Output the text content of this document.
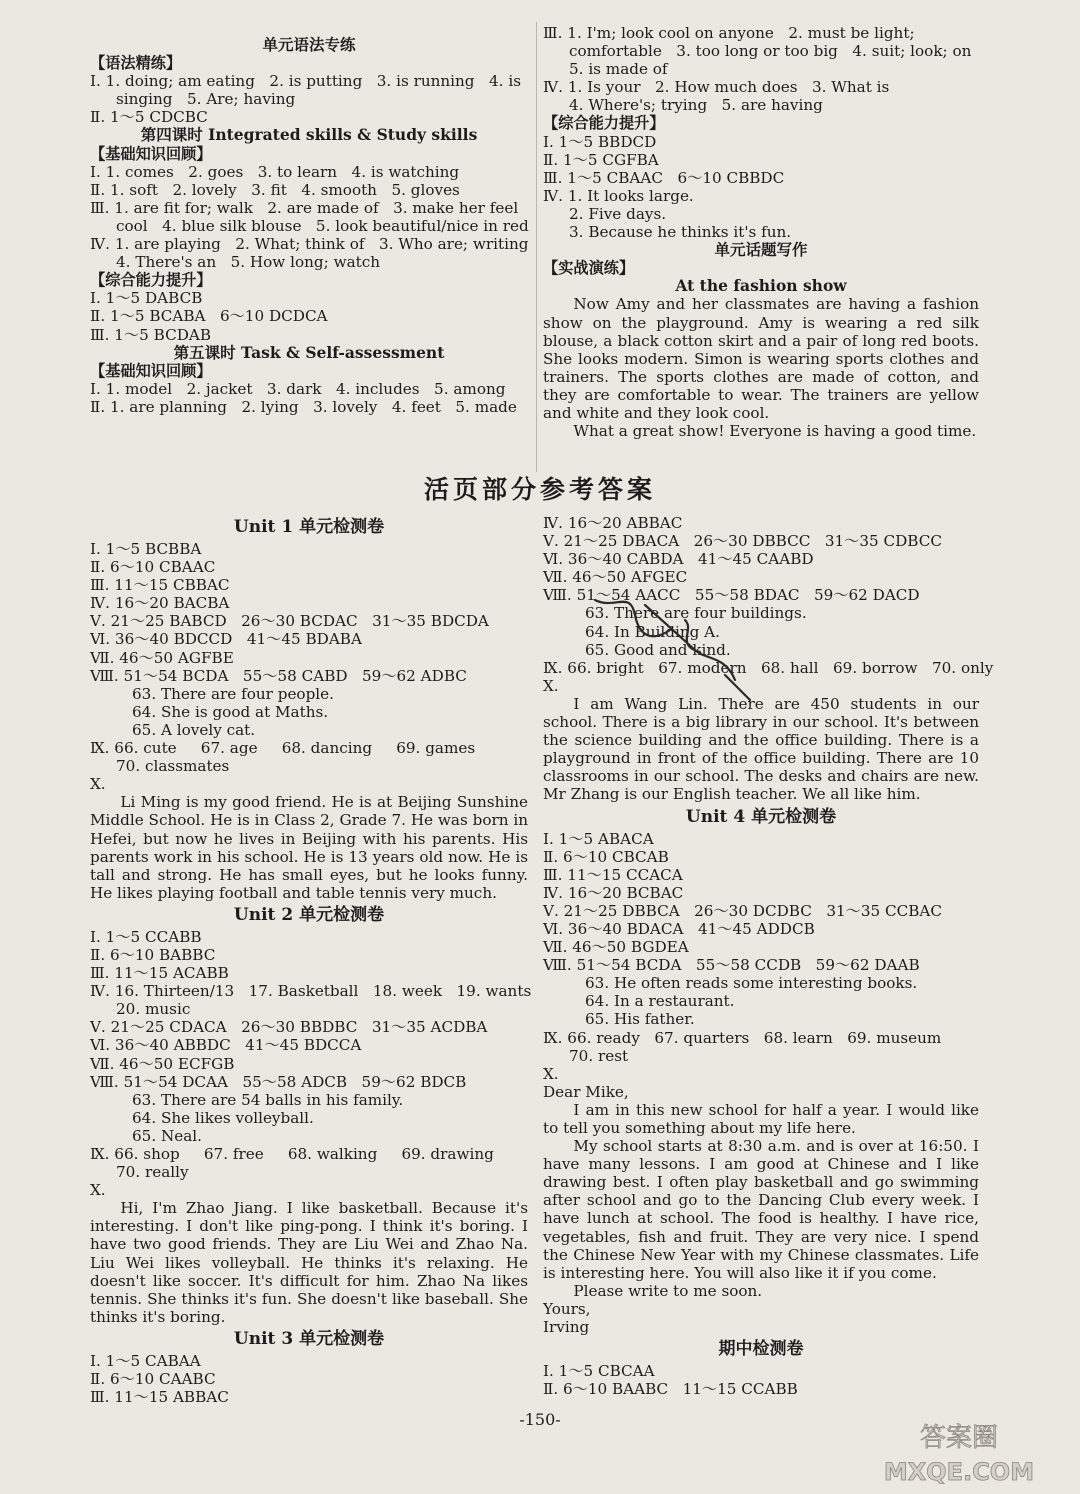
单元语法专练
【语法精练】
Ⅰ. 1. doing; am eating   2. is putting   3. is running   4. is
singing   5. Are; having
Ⅱ. 1～5 CDCBC
第四课时 Integrated skills & Study skills
【基础知识回顾】
Ⅰ. 1. comes   2. goes   3. to learn   4. is watching
Ⅱ. 1. soft   2. lovely   3. fit   4. smooth   5. gloves
Ⅲ. 1. are fit for; walk   2. are made of   3. make her feel
cool   4. blue silk blouse   5. look beautiful/nice in red
Ⅳ. 1. are playing   2. What; think of   3. Who are; writing
4. There's an   5. How long; watch
【综合能力提升】
Ⅰ. 1～5 DABCB
Ⅱ. 1～5 BCABA   6～10 DCDCA
Ⅲ. 1～5 BCDAB
第五课时 Task & Self-assessment
【基础知识回顾】
Ⅰ. 1. model   2. jacket   3. dark   4. includes   5. among
Ⅱ. 1. are planning   2. lying   3. lovely   4. feet   5. made
Ⅲ. 1. I'm; look cool on anyone   2. must be light;
comfortable   3. too long or too big   4. suit; look; on
5. is made of
Ⅳ. 1. Is your   2. How much does   3. What is
4. Where's; trying   5. are having
【综合能力提升】
Ⅰ. 1～5 BBDCD
Ⅱ. 1～5 CGFBA
Ⅲ. 1～5 CBAAC   6～10 CBBDC
Ⅳ. 1. It looks large.
2. Five days.
3. Because he thinks it's fun.
单元话题写作
【实战演练】
At the fashion show
Now Amy and her classmates are having a fashion show on the playground. Amy is wearing a red silk blouse, a black cotton skirt and a pair of long red boots. She looks modern. Simon is wearing sports clothes and trainers. The sports clothes are made of cotton, and they are comfortable to wear. The trainers are yellow and white and they look cool.
What a great show! Everyone is having a good time.
活页部分参考答案
Unit 1 单元检测卷
Ⅰ. 1～5 BCBBA
Ⅱ. 6～10 CBAAC
Ⅲ. 11～15 CBBAC
Ⅳ. 16～20 BACBA
Ⅴ. 21～25 BABCD   26～30 BCDAC   31～35 BDCDA
Ⅵ. 36～40 BDCCD   41～45 BDABA
Ⅶ. 46～50 AGFBE
Ⅷ. 51～54 BCDA   55～58 CABD   59～62 ADBC
63. There are four people.
64. She is good at Maths.
65. A lovely cat.
Ⅸ. 66. cute     67. age     68. dancing     69. games
70. classmates
Ⅹ.
Li Ming is my good friend. He is at Beijing Sunshine Middle School. He is in Class 2, Grade 7. He was born in Hefei, but now he lives in Beijing with his parents. His parents work in his school. He is 13 years old now. He is tall and strong. He has small eyes, but he looks funny. He likes playing football and table tennis very much.
Unit 2 单元检测卷
Ⅰ. 1～5 CCABB
Ⅱ. 6～10 BABBC
Ⅲ. 11～15 ACABB
Ⅳ. 16. Thirteen/13   17. Basketball   18. week   19. wants
20. music
Ⅴ. 21～25 CDACA   26～30 BBDBC   31～35 ACDBA
Ⅵ. 36～40 ABBDC   41～45 BDCCA
Ⅶ. 46～50 ECFGB
Ⅷ. 51～54 DCAA   55～58 ADCB   59～62 BDCB
63. There are 54 balls in his family.
64. She likes volleyball.
65. Neal.
Ⅸ. 66. shop     67. free     68. walking     69. drawing
70. really
Ⅹ.
Hi, I'm Zhao Jiang. I like basketball. Because it's interesting. I don't like ping-pong. I think it's boring. I have two good friends. They are Liu Wei and Zhao Na. Liu Wei likes volleyball. He thinks it's relaxing. He doesn't like soccer. It's difficult for him. Zhao Na likes tennis. She thinks it's fun. She doesn't like baseball. She thinks it's boring.
Unit 3 单元检测卷
Ⅰ. 1～5 CABAA
Ⅱ. 6～10 CAABC
Ⅲ. 11～15 ABBAC
Ⅳ. 16～20 ABBAC
Ⅴ. 21～25 DBACA   26～30 DBBCC   31～35 CDBCC
Ⅵ. 36～40 CABDA   41～45 CAABD
Ⅶ. 46～50 AFGEC
Ⅷ. 51～54 AACC   55～58 BDAC   59～62 DACD
63. There are four buildings.
64. In Building A.
65. Good and kind.
Ⅸ. 66. bright   67. modern   68. hall   69. borrow   70. only
Ⅹ.
I am Wang Lin. There are 450 students in our school. There is a big library in our school. It's between the science building and the office building. There is a playground in front of the office building. There are 10 classrooms in our school. The desks and chairs are new. Mr Zhang is our English teacher. We all like him.
Unit 4 单元检测卷
Ⅰ. 1～5 ABACA
Ⅱ. 6～10 CBCAB
Ⅲ. 11～15 CCACA
Ⅳ. 16～20 BCBAC
Ⅴ. 21～25 DBBCA   26～30 DCDBC   31～35 CCBAC
Ⅵ. 36～40 BDACA   41～45 ADDCB
Ⅶ. 46～50 BGDEA
Ⅷ. 51～54 BCDA   55～58 CCDB   59～62 DAAB
63. He often reads some interesting books.
64. In a restaurant.
65. His father.
Ⅸ. 66. ready   67. quarters   68. learn   69. museum
70. rest
Ⅹ.
Dear Mike,
I am in this new school for half a year. I would like to tell you something about my life here.
My school starts at 8:30 a.m. and is over at 16:50. I have many lessons. I am good at Chinese and I like drawing best. I often play basketball and go swimming after school and go to the Dancing Club every week. I have lunch at school. The food is healthy. I have rice, vegetables, fish and fruit. They are very nice. I spend the Chinese New Year with my Chinese classmates. Life is interesting here. You will also like it if you come.
Please write to me soon.
Yours,
Irving
期中检测卷
Ⅰ. 1～5 CBCAA
Ⅱ. 6～10 BAABC   11～15 CCABB
-150-
答案圈
MXQE.COM
